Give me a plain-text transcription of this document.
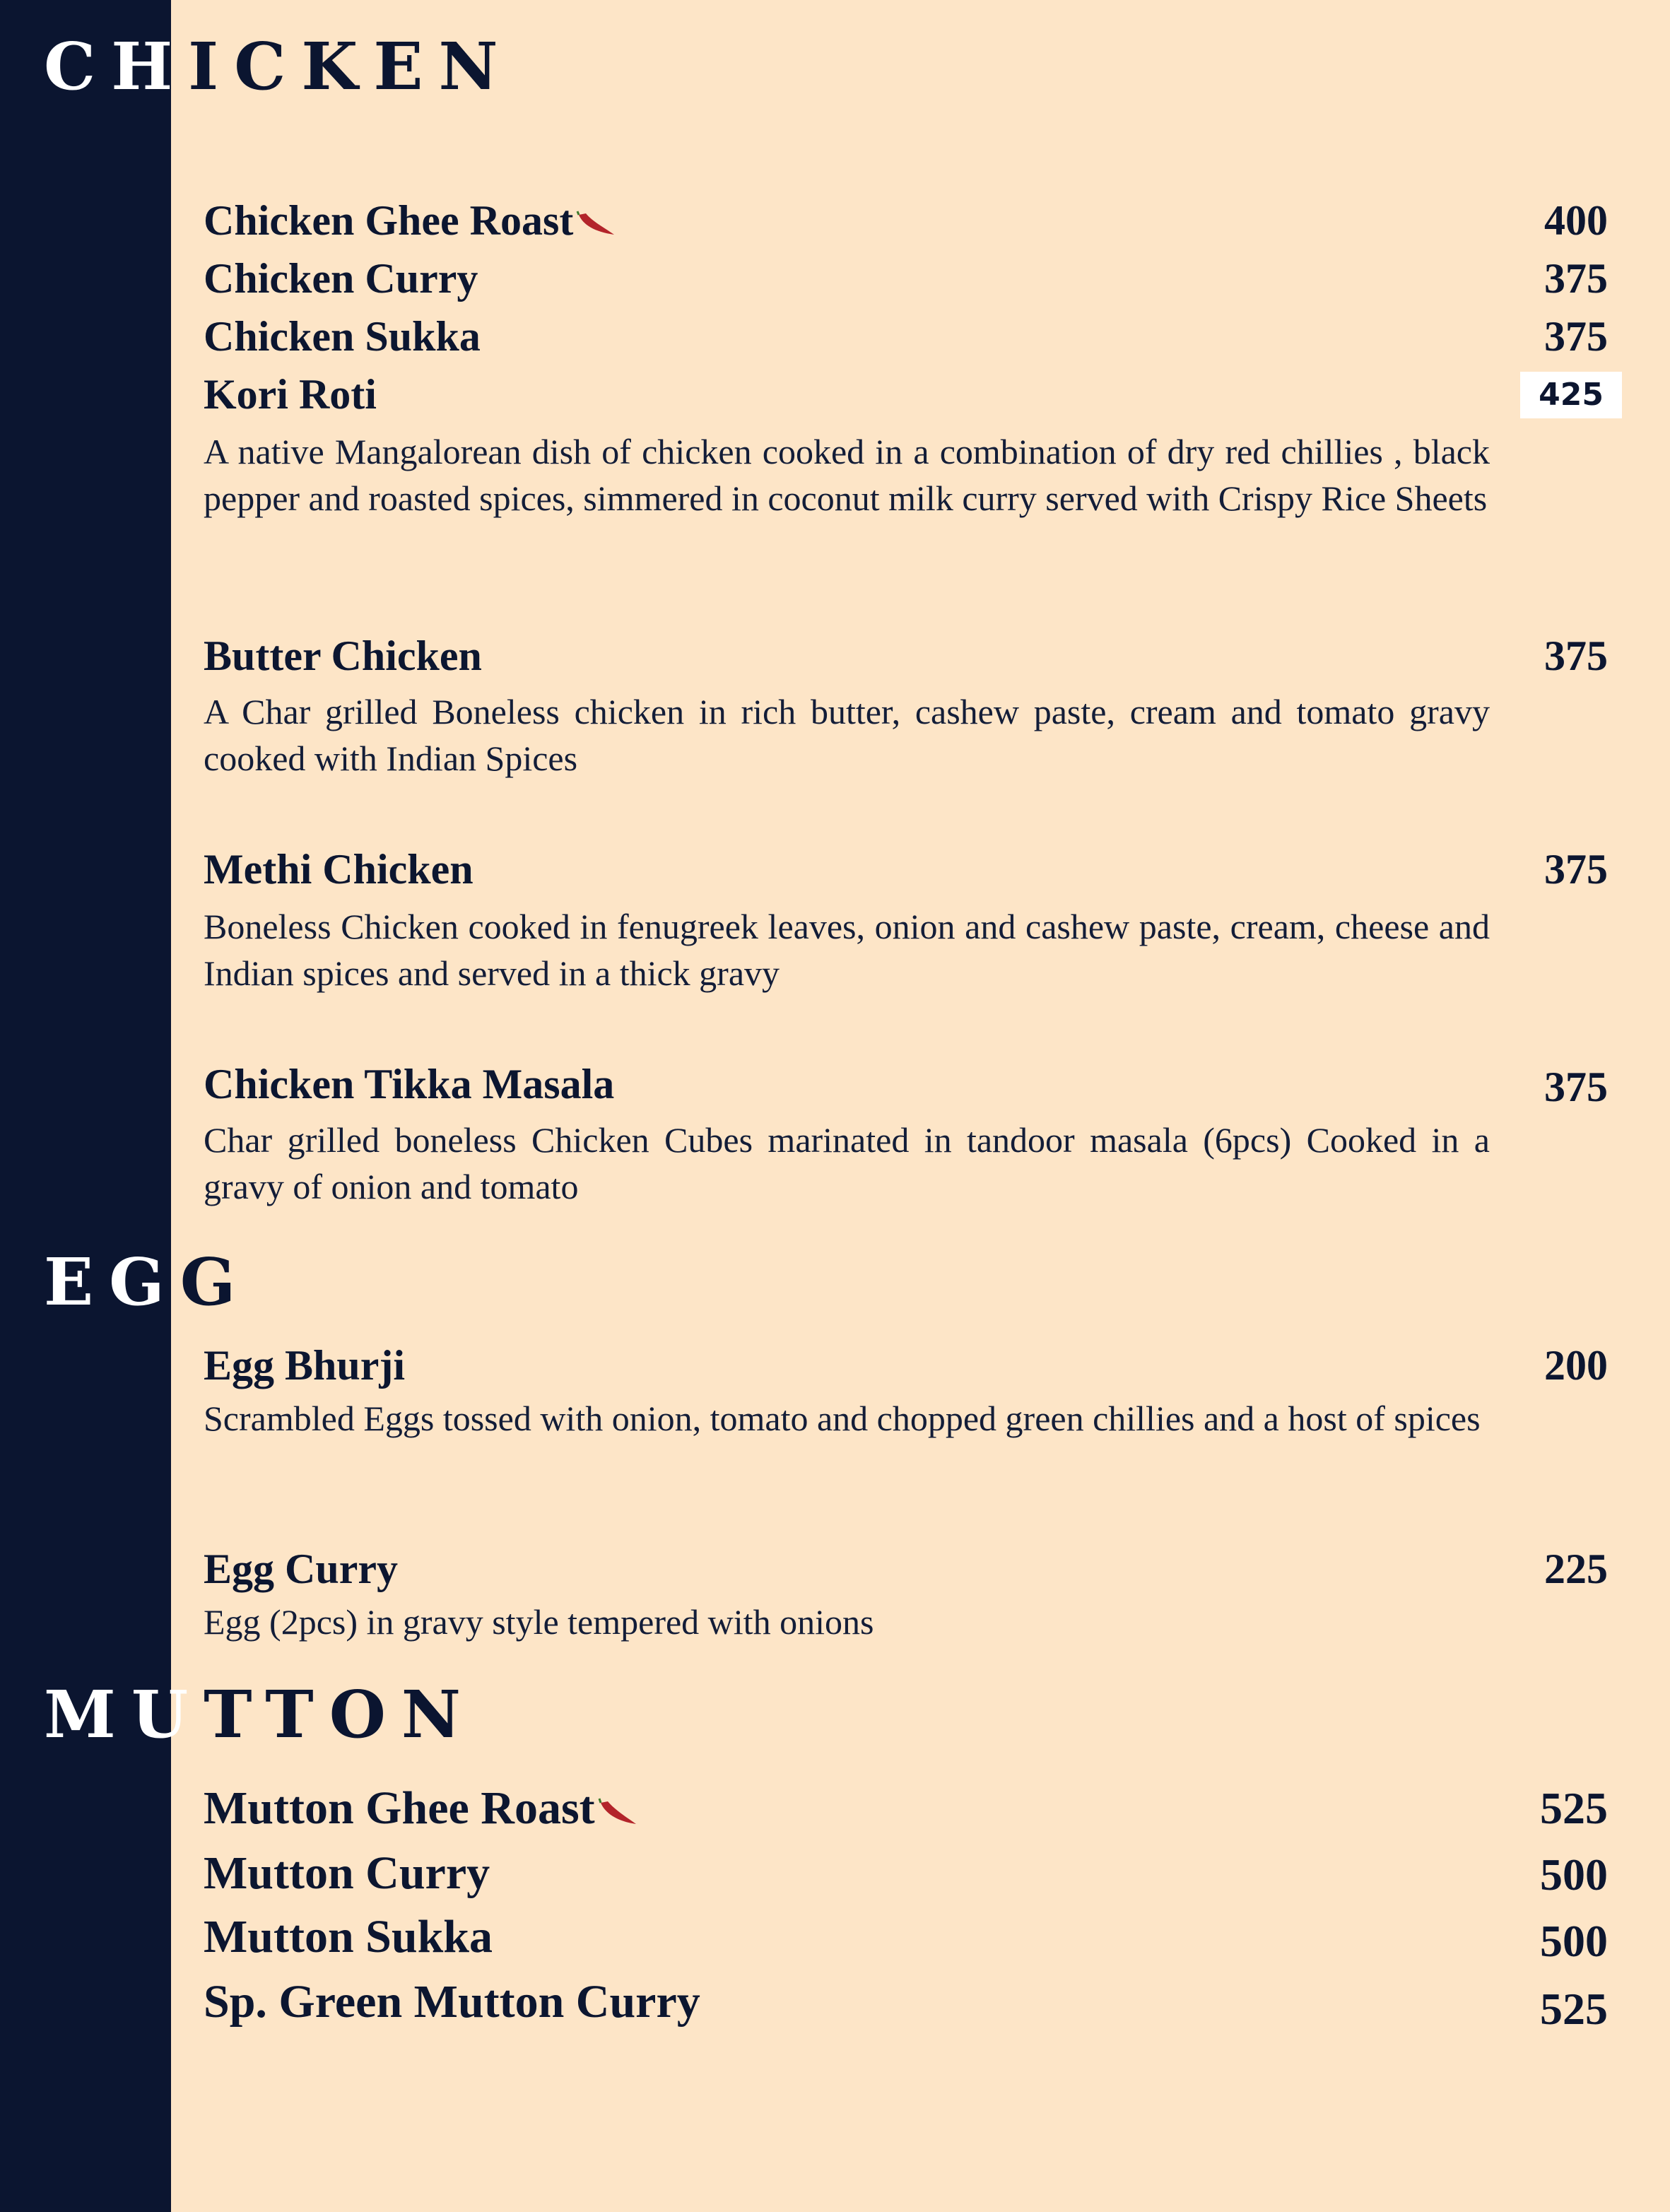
CHICKEN
Chicken Ghee Roast	400
Chicken Curry	375
Chicken Sukka	375
Kori Roti	425

A native Mangalorean dish of chicken cooked in a combination of dry red chillies , black pepper and roasted spices, simmered in coconut milk curry served with Crispy Rice Sheets

Butter Chicken	375

A Char grilled Boneless chicken in rich butter, cashew paste, cream and tomato gravy cooked with Indian Spices

Methi Chicken	375

Boneless Chicken cooked in fenugreek leaves, onion and cashew paste, cream, cheese and Indian spices and served in a thick gravy

Chicken Tikka Masala	375

Char grilled boneless Chicken Cubes marinated in tandoor masala (6pcs) Cooked in a gravy of onion and tomato

EGG
Egg Bhurji	200

Scrambled Eggs tossed with onion, tomato and chopped green chillies and a host of spices

Egg Curry	225

Egg (2pcs) in gravy style tempered with onions

MUTTON
Mutton Ghee Roast	525
Mutton Curry	500
Mutton Sukka	500
Sp. Green Mutton Curry	525
